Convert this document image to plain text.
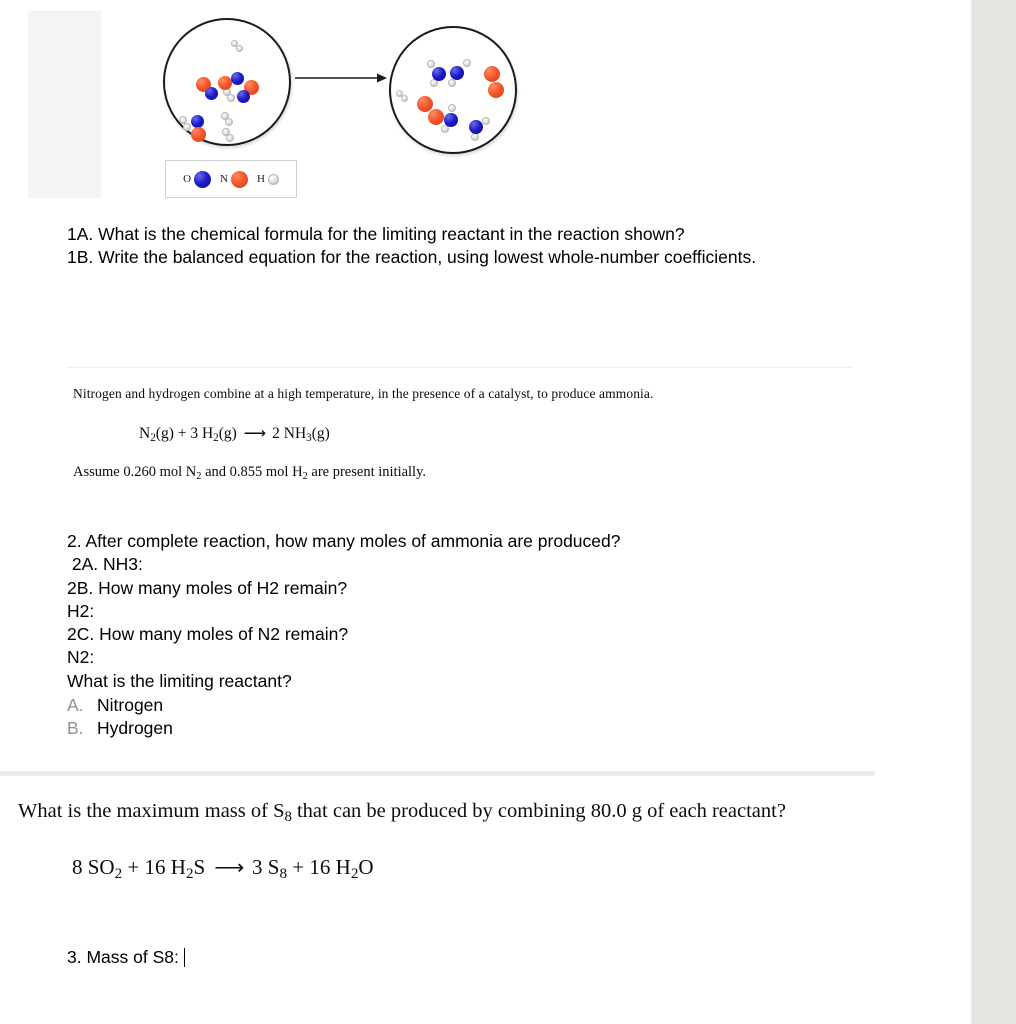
O	N	H
1A. What is the chemical formula for the limiting reactant in the reaction shown?
1B. Write the balanced equation for the reaction, using lowest whole-number coefficients.
Nitrogen and hydrogen combine at a high temperature, in the presence of a catalyst, to produce ammonia.
$N_2(g) + 3$ $H_2(g)$ ⟶ 2 $NH_3(g)$
Assume 0.260 mol $N_2$ and 0.855 mol $H_2$ are present initially.
2. After complete reaction, how many moles of ammonia are produced?
2A. NH3:
2B. How many moles of H2 remain?
H2:
2C. How many moles of N2 remain?
N2:
What is the limiting reactant?
A. Nitrogen
B. Hydrogen
What is the maximum mass of $S_8$ that can be produced by combining 80.0 g of each reactant?
8 $SO_2 + 16$ $H_2S$ ⟶ 3 $S_8 + 16$ $H_2O$
3. Mass of S8:
